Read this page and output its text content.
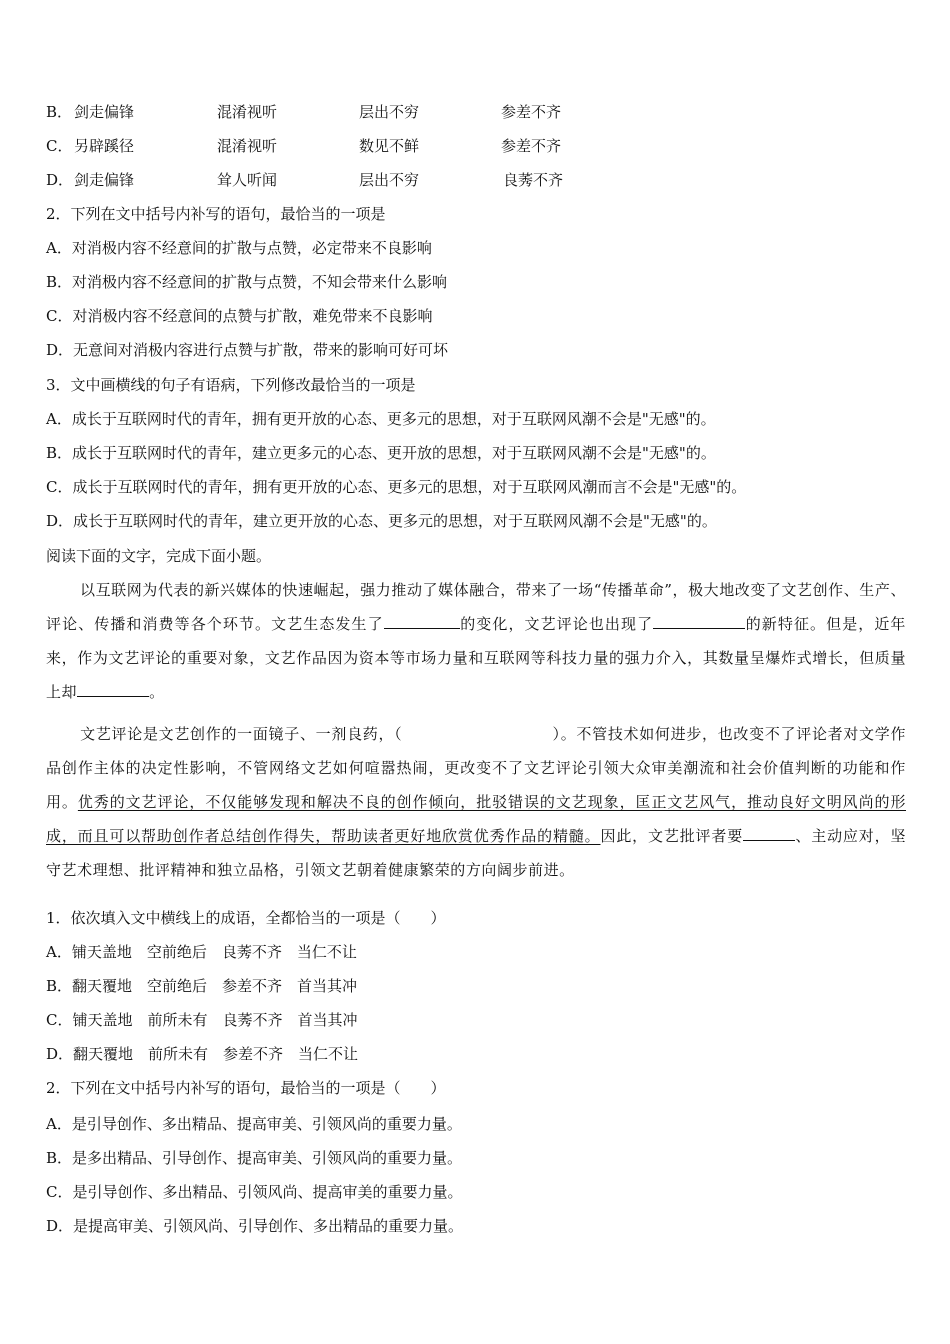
B． 剑走偏锋	混淆视听	层出不穷	参差不齐
C． 另辟蹊径	混淆视听	数见不鲜	参差不齐
D． 剑走偏锋	耸人听闻	层出不穷	良莠不齐
2．下列在文中括号内补写的语句，最恰当的一项是
A．对消极内容不经意间的扩散与点赞，必定带来不良影响
B．对消极内容不经意间的扩散与点赞，不知会带来什么影响
C．对消极内容不经意间的点赞与扩散，难免带来不良影响
D．无意间对消极内容进行点赞与扩散，带来的影响可好可坏
3．文中画横线的句子有语病，下列修改最恰当的一项是
A．成长于互联网时代的青年，拥有更开放的心态、更多元的思想，对于互联网风潮不会是"无感"的。
B．成长于互联网时代的青年，建立更多元的心态、更开放的思想，对于互联网风潮不会是"无感"的。
C．成长于互联网时代的青年，拥有更开放的心态、更多元的思想，对于互联网风潮而言不会是"无感"的。
D．成长于互联网时代的青年，建立更开放的心态、更多元的思想，对于互联网风潮不会是"无感"的。
阅读下面的文字，完成下面小题。
以互联网为代表的新兴媒体的快速崛起，强力推动了媒体融合，带来了一场“传播革命”，极大地改变了文艺创作、生产、评论、传播和消费等各个环节。文艺生态发生了	的变化，文艺评论也出现了	的新特征。但是，近年来，作为文艺评论的重要对象，文艺作品因为资本等市场力量和互联网等科技力量的强力介入，其数量呈爆炸式增长，但质量上却	。
文艺评论是文艺创作的一面镜子、一剂良药，（	）。不管技术如何进步，也改变不了评论者对文学作品创作主体的决定性影响，不管网络文艺如何喧嚣热闹，更改变不了文艺评论引领大众审美潮流和社会价值判断的功能和作用。优秀的文艺评论，不仅能够发现和解决不良的创作倾向，批驳错误的文艺现象，匡正文艺风气，推动良好文明风尚的形成，而且可以帮助创作者总结创作得失，帮助读者更好地欣赏优秀作品的精髓。因此，文艺批评者要	、主动应对，坚守艺术理想、批评精神和独立品格，引领文艺朝着健康繁荣的方向阔步前进。
1．依次填入文中横线上的成语，全都恰当的一项是（　　）
A．铺天盖地　空前绝后　良莠不齐　当仁不让
B．翻天覆地　空前绝后　参差不齐　首当其冲
C．铺天盖地　前所未有　良莠不齐　首当其冲
D．翻天覆地　前所未有　参差不齐　当仁不让
2．下列在文中括号内补写的语句，最恰当的一项是（　　）
A．是引导创作、多出精品、提高审美、引领风尚的重要力量。
B．是多出精品、引导创作、提高审美、引领风尚的重要力量。
C．是引导创作、多出精品、引领风尚、提高审美的重要力量。
D．是提高审美、引领风尚、引导创作、多出精品的重要力量。
